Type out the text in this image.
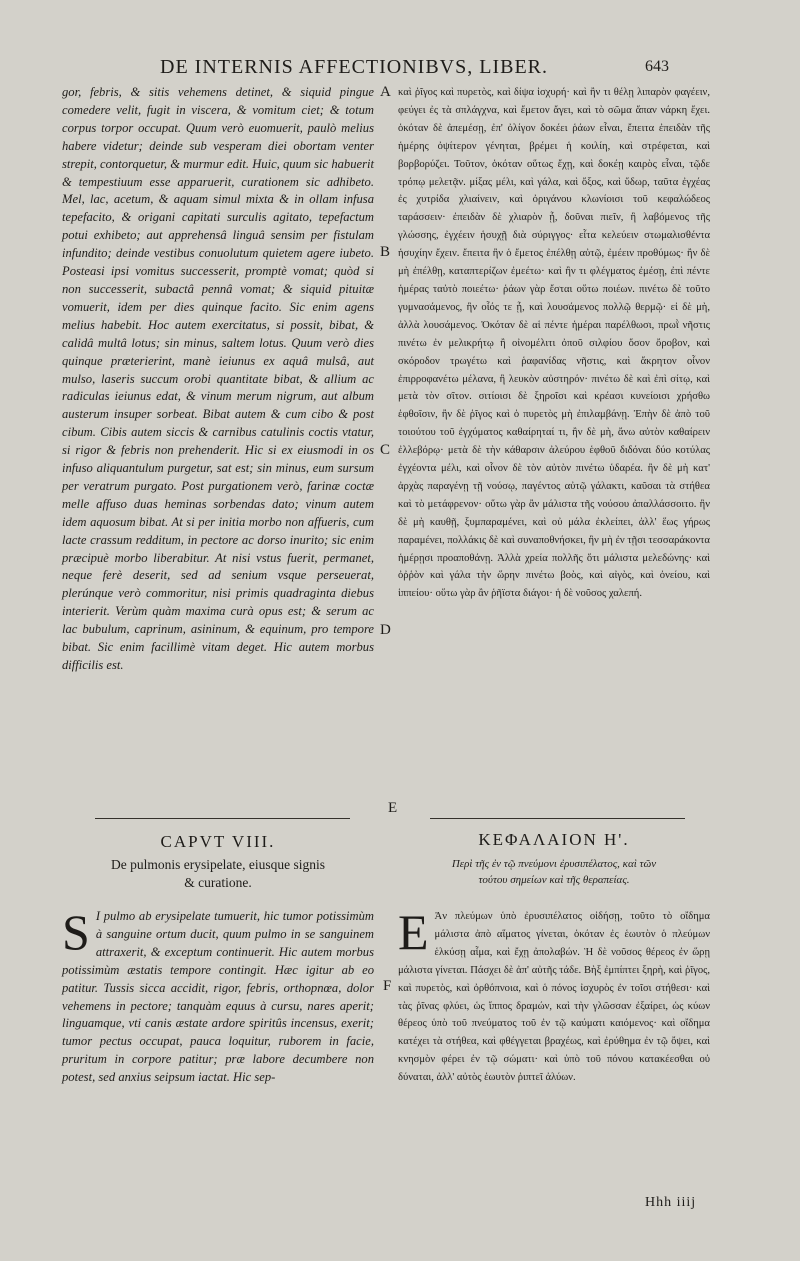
DE INTERNIS AFFECTIONIBVS, LIBER.	643

gor, febris, & sitis vehemens detinet, & siquid pingue comedere velit, fugit in viscera, & vomitum ciet; & totum corpus torpor occupat. Quum verò euomuerit, paulò melius habere videtur; deinde sub vesperam diei obortam venter strepit, contorquetur, & murmur edit. Huic, quum sic habuerit & tempestiuum esse apparuerit, curationem sic adhibeto. Mel, lac, acetum, & aquam simul mixta & in ollam infusa tepefacito, & origani capitati surculis agitato, tepefactum potui exhibeto; aut apprehensâ linguâ sensim per fistulam infundito; deinde vestibus conuolutum quietem agere iubeto. Posteasi ipsi vomitus successerit, promptè vomat; quòd si non successerit, subactâ pennâ vomat; & siquid pituitæ vomuerit, idem per dies quinque facito. Sic enim agens melius habebit. Hoc autem exercitatus, si possit, bibat, & calidâ multâ lotus; sin minus, saltem lotus. Quum verò dies quinque præterierint, manè ieiunus ex aquâ mulsâ, aut mulso, laseris succum orobi quantitate bibat, & allium ac radiculas ieiunus edat, & vinum merum nigrum, aut album austerum insuper sorbeat. Bibat autem & cum cibo & post cibum. Cibis autem siccis & carnibus catulinis coctis vtatur, si rigor & febris non prehenderit. Hic si ex eiusmodi in os infuso aliquantulum purgetur, sat est; sin minus, eum sursum per veratrum purgato. Post purgationem verò, farinæ coctæ melle affuso duas heminas sorbendas dato; vinum autem idem aquosum bibat. At si per initia morbo non affueris, cum lacte crassum redditum, in pectore ac dorso inurito; sic enim præcipuè morbo liberabitur. At nisi vstus fuerit, permanet, neque ferè deserit, sed ad senium vsque perseuerat, plerúnque verò commoritur, nisi primis quadraginta diebus interierit. Verùm quàm maxima curà opus est; & serum ac lac bubulum, caprinum, asininum, & equinum, pro tempore bibat. Sic enim facillimè vitam deget. Hic autem morbus difficilis est.

καὶ ῥῖγος καὶ πυρετὸς, καὶ δίψα ἰσχυρή· καὶ ἢν τι θέλῃ λιπαρὸν φαγέειν, φεύγει ἐς τὰ σπλάγχνα, καὶ ἔμετον ἄγει, καὶ τὸ σῶμα ἅπαν νάρκη ἔχει. ὁκόταν δὲ ἀπεμέσῃ, ἐπ' ὀλίγον δοκέει ῥάων εἶναι, ἔπειτα ἐπειδὰν τῆς ἡμέρης ὀψίτερον γένηται, βρέμει ἡ κοιλίη, καὶ στρέφεται, καὶ βορβορύζει. Τοῦτον, ὁκόταν οὕτως ἔχῃ, καὶ δοκέῃ καιρὸς εἶναι, τῷδε τρόπῳ μελετᾷν. μίξας μέλι, καὶ γάλα, καὶ ὄξος, καὶ ὕδωρ, ταῦτα ἐγχέας ἐς χυτρίδα χλιαίνειν, καὶ ὀριγάνου κλωνίοισι τοῦ κεφαλώδεος ταράσσειν· ἐπειδὰν δὲ χλιαρὸν ᾖ, δοῦναι πιεῖν, ἢ λαβόμενος τῆς γλώσσης, ἐγχέειν ἡσυχῇ διὰ σύριγγος· εἶτα κελεύειν στωμαλισθέντα ἡσυχίην ἔχειν. ἔπειτα ἢν ὁ ἔμετος ἐπέλθῃ αὐτῷ, ἐμέειν προθύμως· ἢν δὲ μὴ ἐπέλθῃ, καταπτερίζων ἐμεέτω· καὶ ἢν τι φλέγματος ἐμέσῃ, ἐπὶ πέντε ἡμέρας ταὐτὸ ποιεέτω· ῥάων γὰρ ἔσται οὕτω ποιέων. πινέτω δὲ τοῦτο γυμνασάμενος, ἢν οἷός τε ᾖ, καὶ λουσάμενος πολλῷ θερμῷ· εἰ δὲ μὴ, ἀλλὰ λουσάμενος. Ὁκόταν δὲ αἱ πέντε ἡμέραι παρέλθωσι, πρωῒ νῆστις πινέτω ἐν μελικρήτῳ ἢ οἰνομέλιτι ὀποῦ σιλφίου ὅσον ὄροβον, καὶ σκόροδον τρωγέτω καὶ ῥαφανίδας νῆστις, καὶ ἄκρητον οἶνον ἐπιρροφανέτω μέλανα, ἢ λευκὸν αὐστηρόν· πινέτω δὲ καὶ ἐπὶ σίτῳ, καὶ μετὰ τὸν σῖτον. σιτίοισι δὲ ξηροῖσι καὶ κρέασι κυνείοισι χρήσθω ἑφθοῖσιν, ἢν δὲ ῥῖγος καὶ ὁ πυρετὸς μὴ ἐπιλαμβάνῃ. Ἐπὴν δὲ ἀπὸ τοῦ τοιούτου τοῦ ἐγχύματος καθαίρηταί τι, ἢν δὲ μὴ, ἄνω αὐτὸν καθαίρειν ἐλλεβόρῳ· μετὰ δὲ τὴν κάθαρσιν ἀλεύρου ἑφθοῦ διδόναι δύο κοτύλας ἐγχέοντα μέλι, καὶ οἶνον δὲ τὸν αὐτὸν πινέτω ὑδαρέα. ἢν δὲ μὴ κατ' ἀρχὰς παραγένῃ τῇ νούσῳ, παγέντος αὐτῷ γάλακτι, καῦσαι τὰ στήθεα καὶ τὸ μετάφρενον· οὕτω γὰρ ἂν μάλιστα τῆς νούσου ἀπαλλάσσοιτο. ἢν δὲ μὴ καυθῇ, ξυμπαραμένει, καὶ οὐ μάλα ἐκλείπει, ἀλλ' ἕως γήρως παραμένει, πολλάκις δὲ καὶ συναποθνήσκει, ἢν μὴ ἐν τῇσι τεσσαράκοντα ἡμέρῃσι προαποθάνῃ. Ἀλλὰ χρεία πολλῆς ὅτι μάλιστα μελεδώνης· καὶ ὀῤῥὸν καὶ γάλα τὴν ὥρην πινέτω βοὸς, καὶ αἰγὸς, καὶ ὀνείου, καὶ ἱππείου· οὕτω γὰρ ἂν ῥῆϊστα διάγοι· ἡ δὲ νοῦσος χαλεπή.

A
B
C
D
E
F
CAPVT VIII.
De pulmonis erysipelate, eiusque signis
& curatione.
ΚΕΦΑΛΑΙΟΝ Η'.
Περὶ τῆς ἐν τῷ πνεύμονι ἐρυσιπέλατος, καὶ τῶν
τούτου σημείων καὶ τῆς θεραπείας.
S I pulmo ab erysipelate tumuerit, hic tumor potissimùm à sanguine ortum ducit, quum pulmo in se sanguinem attraxerit, & exceptum continuerit. Hic autem morbus potissimùm æstatis tempore contingit. Hæc igitur ab eo patitur. Tussis sicca accidit, rigor, febris, orthopnœa, dolor vehemens in pectore; tanquàm equus à cursu, nares aperit; linguamque, vti canis æstate ardore spiritûs incensus, exerit; tumor pectus occupat, pauca loquitur, ruborem in facie, pruritum in corpore patitur; præ labore decumbere non potest, sed anxius seipsum iactat. Hic sep-
E Ἀν πλεύμων ὑπὸ ἐρυσιπέλατος οἰδήσῃ, τοῦτο τὸ οἴδημα μάλιστα ἀπὸ αἵματος γίνεται, ὁκόταν ἐς ἑωυτὸν ὁ πλεύμων ἑλκύσῃ αἷμα, καὶ ἔχῃ ἀπολαβών. Ἡ δὲ νοῦσος θέρεος ἐν ὥρῃ μάλιστα γίνεται. Πάσχει δὲ ἀπ' αὐτῆς τάδε. Βὴξ ἐμπίπτει ξηρὴ, καὶ ῥῖγος, καὶ πυρετὸς, καὶ ὀρθόπνοια, καὶ ὁ πόνος ἰσχυρὸς ἐν τοῖσι στήθεσι· καὶ τὰς ῥῖνας φλύει, ὡς ἵππος δραμών, καὶ τὴν γλῶσσαν ἐξαίρει, ὡς κύων θέρεος ὑπὸ τοῦ πνεύματος τοῦ ἐν τῷ καύματι καιόμενος· καὶ οἴδημα κατέχει τὰ στήθεα, καὶ φθέγγεται βραχέως, καὶ ἐρύθημα ἐν τῷ ὄψει, καὶ κνησμὸν φέρει ἐν τῷ σώματι· καὶ ὑπὸ τοῦ πόνου κατακέεσθαι οὐ δύναται, ἀλλ' αὐτὸς ἑωυτὸν ῥιπτεῖ ἀλύων.
Hhh iiij
